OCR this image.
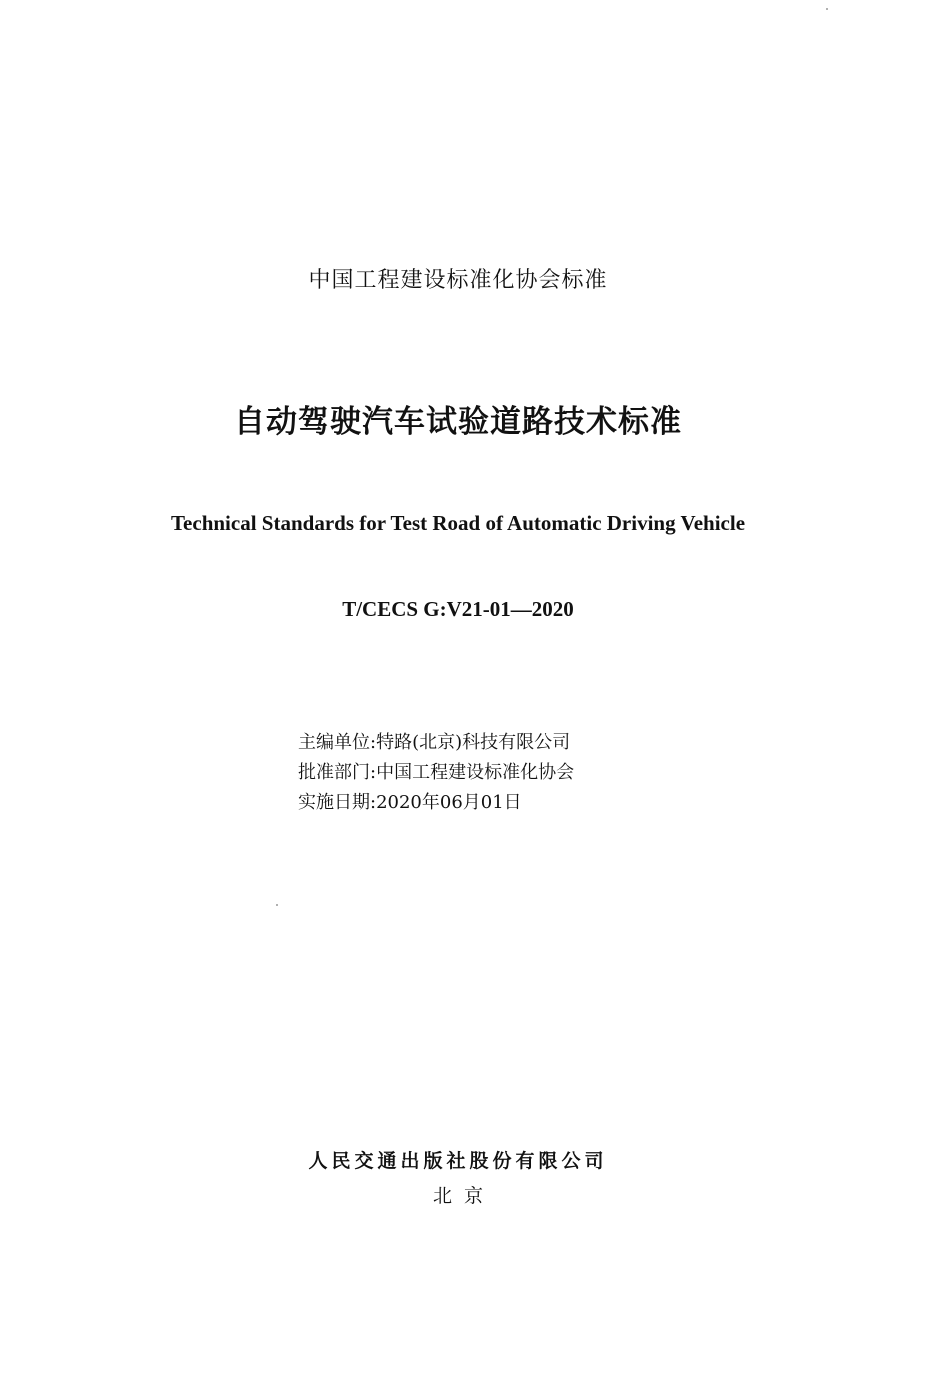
中国工程建设标准化协会标准
自动驾驶汽车试验道路技术标准
Technical Standards for Test Road of Automatic Driving Vehicle
T/CECS G:V21-01—2020
主编单位:特路(北京)科技有限公司
批准部门:中国工程建设标准化协会
实施日期:2020年06月01日
人民交通出版社股份有限公司
北京
